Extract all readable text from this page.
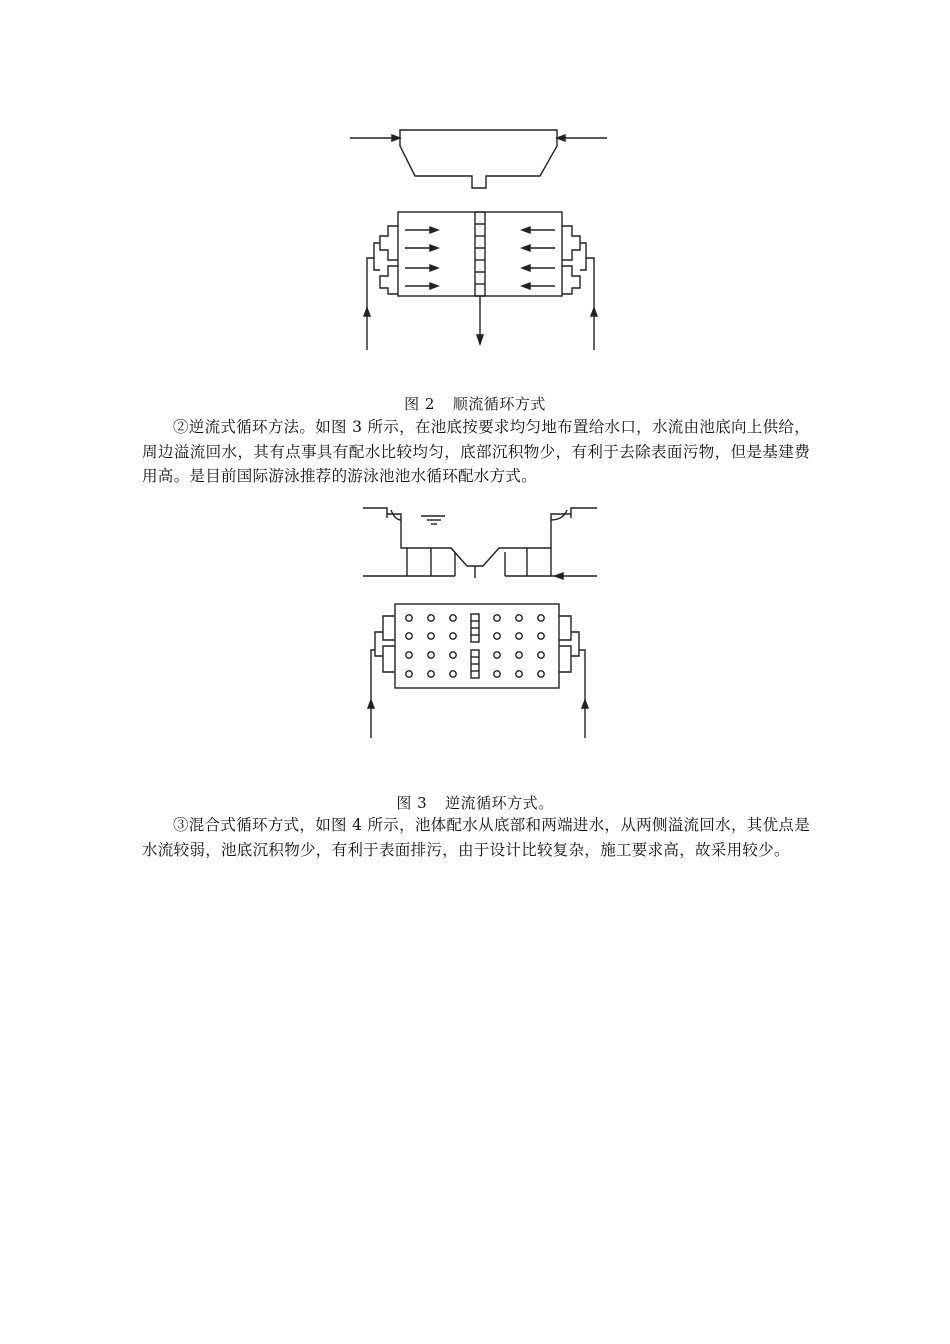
图 2 顺流循环方式
②逆流式循环方法。如图 3 所示，在池底按要求均匀地布置给水口，水流由池底向上供给，周边溢流回水，其有点事具有配水比较均匀，底部沉积物少，有利于去除表面污物，但是基建费用高。是目前国际游泳推荐的游泳池池水循环配水方式。
图 3 逆流循环方式。
③混合式循环方式，如图 4 所示，池体配水从底部和两端进水，从两侧溢流回水，其优点是水流较弱，池底沉积物少，有利于表面排污，由于设计比较复杂，施工要求高，故采用较少。
